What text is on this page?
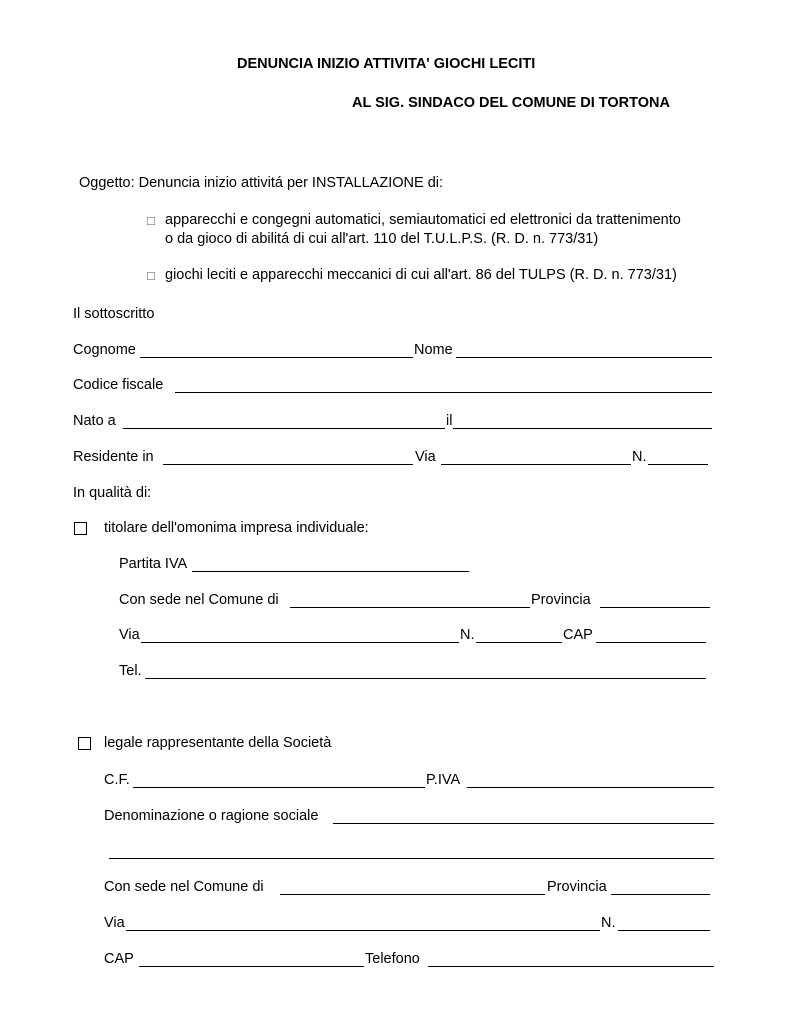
DENUNCIA INIZIO ATTIVITA' GIOCHI LECITI
AL SIG. SINDACO DEL COMUNE DI TORTONA
Oggetto: Denuncia inizio attivitá per INSTALLAZIONE di:
□ apparecchi e congegni automatici, semiautomatici ed elettronici da trattenimento
o da gioco di abilitá di cui all'art. 110 del T.U.L.P.S. (R. D. n. 773/31)
□ giochi leciti e apparecchi meccanici di cui all'art. 86 del TULPS (R. D. n. 773/31)
Il sottoscritto
Cognome	Nome
Codice fiscale
Nato a	il
Residente in	Via	N.
In qualità di:
titolare dell'omonima impresa individuale:
Partita IVA
Con sede nel Comune di	Provincia
Via	N.	CAP
Tel.
legale rappresentante della Società
C.F.	P.IVA
Denominazione o ragione sociale
Con sede nel Comune di	Provincia
Via	N.
CAP	Telefono
